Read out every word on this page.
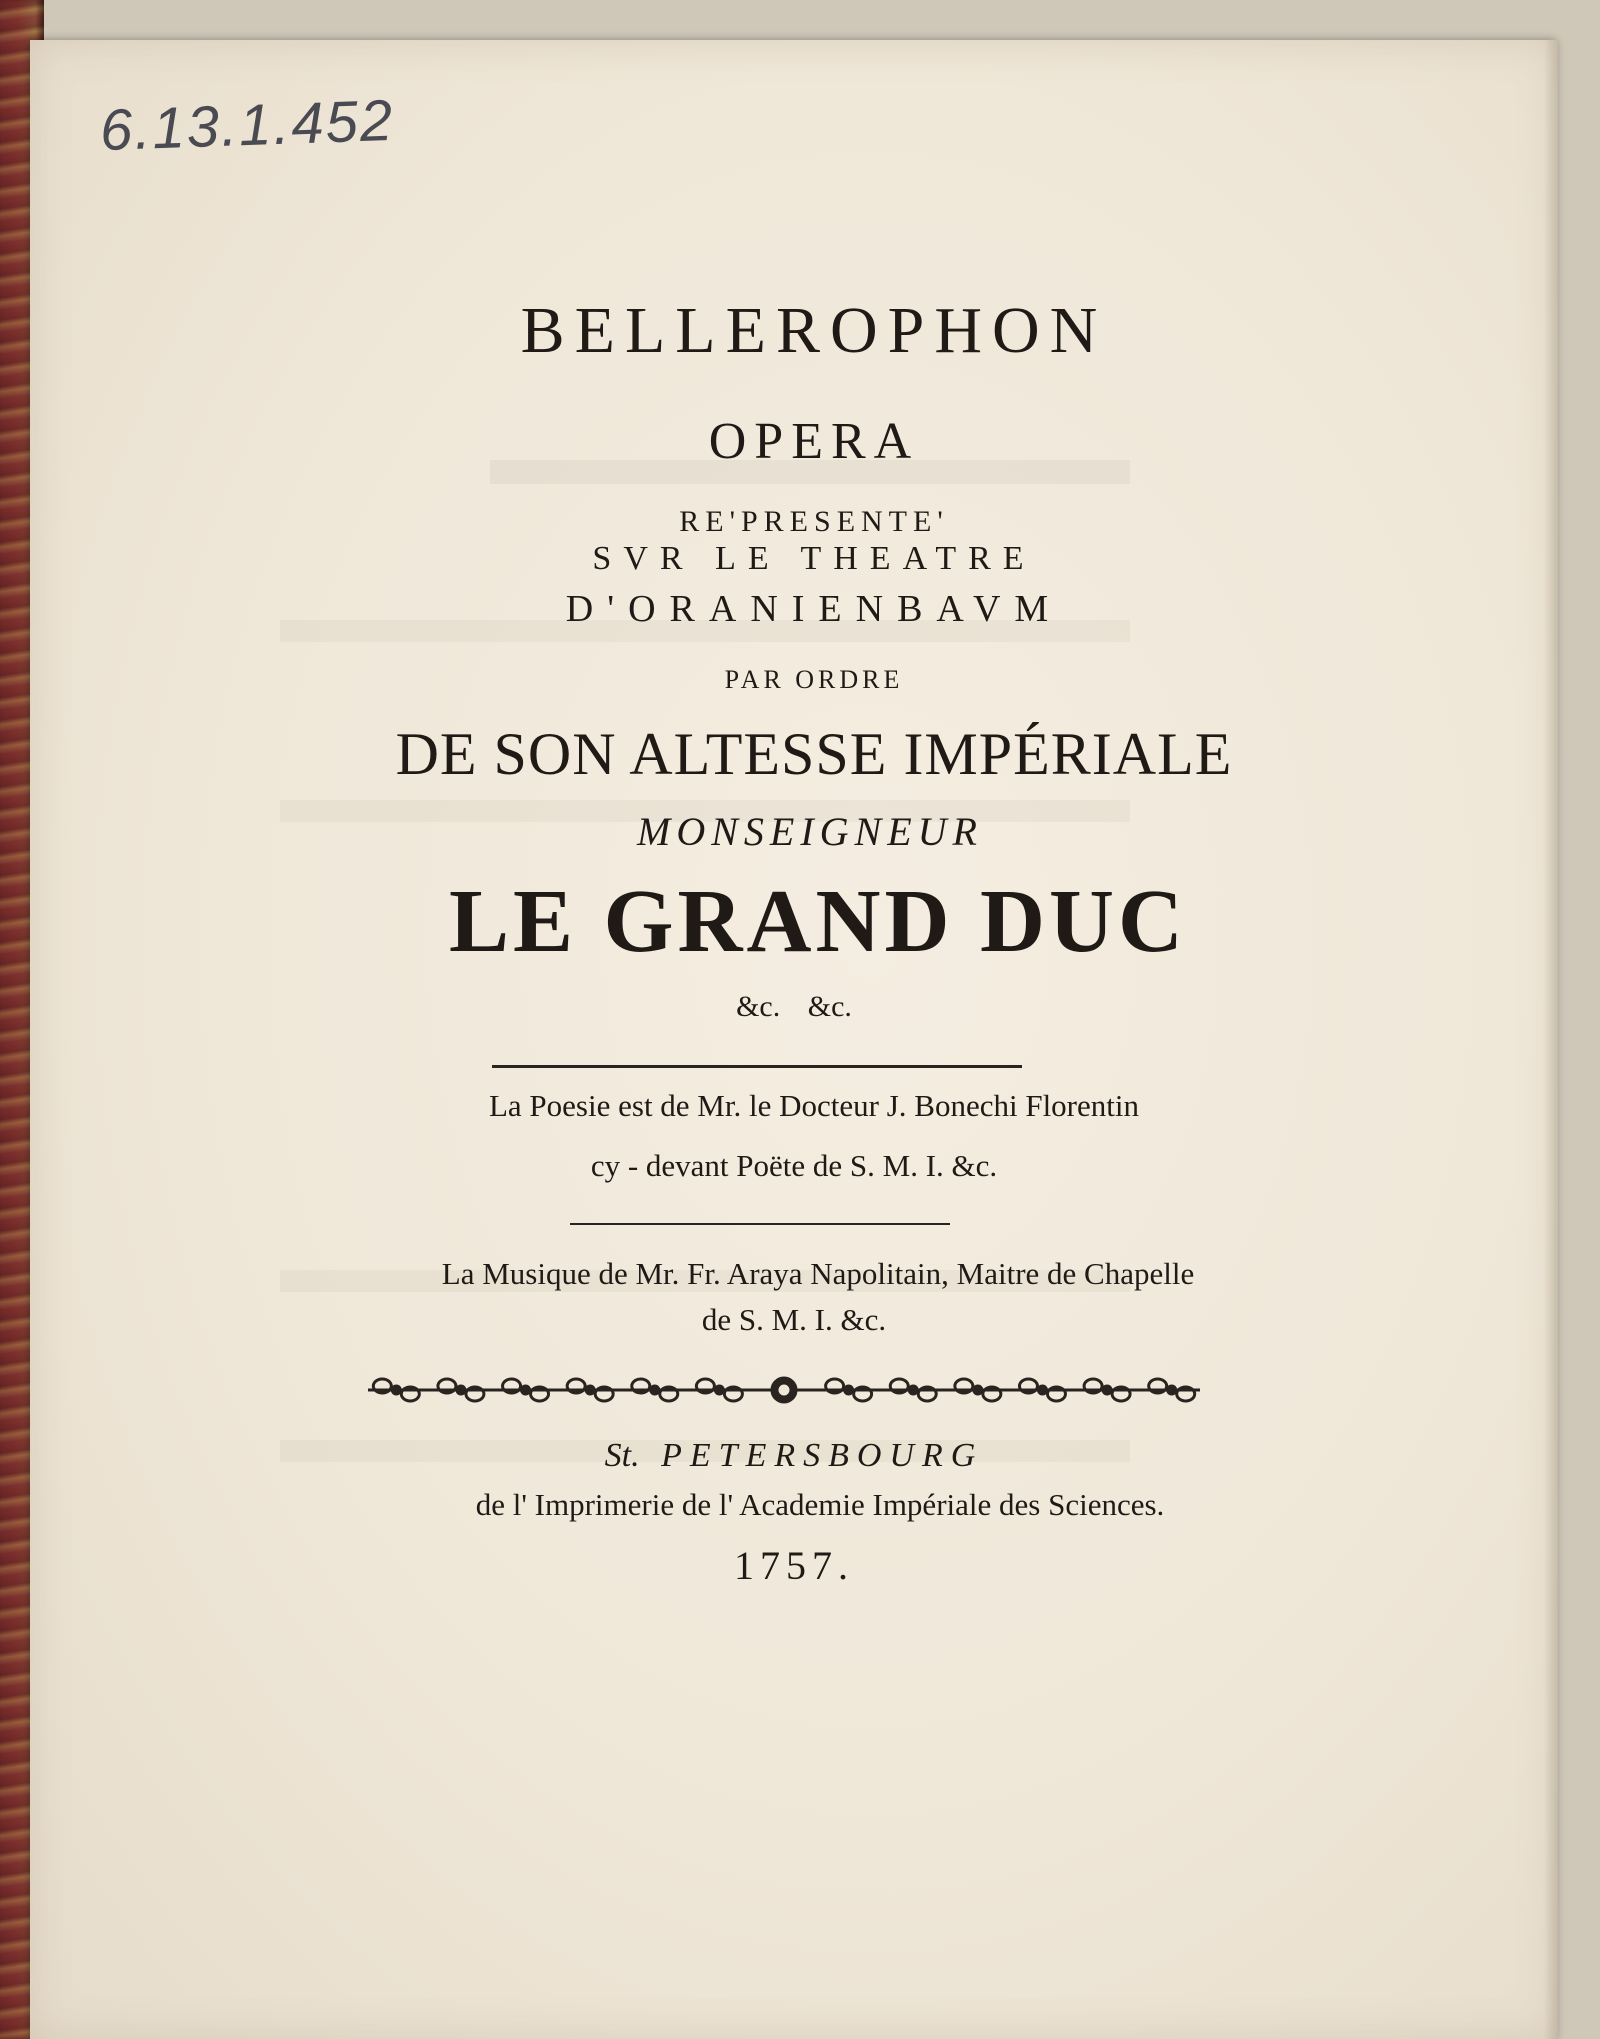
6.13.1.452
BELLEROPHON
OPERA
RE'PRESENTE'
SVR LE THEATRE
D'ORANIENBAVM
PAR ORDRE
DE SON ALTESSE IMPÉRIALE
MONSEIGNEUR
LE GRAND DUC
&c. &c.
La Poesie est de Mr. le Docteur J. Bonechi Florentin
cy - devant Poëte de S. M. I. &c.
La Musique de Mr. Fr. Araya Napolitain, Maitre de Chapelle
de S. M. I. &c.
St. PETERSBOURG
de l' Imprimerie de l' Academie Impériale des Sciences.
1757.
